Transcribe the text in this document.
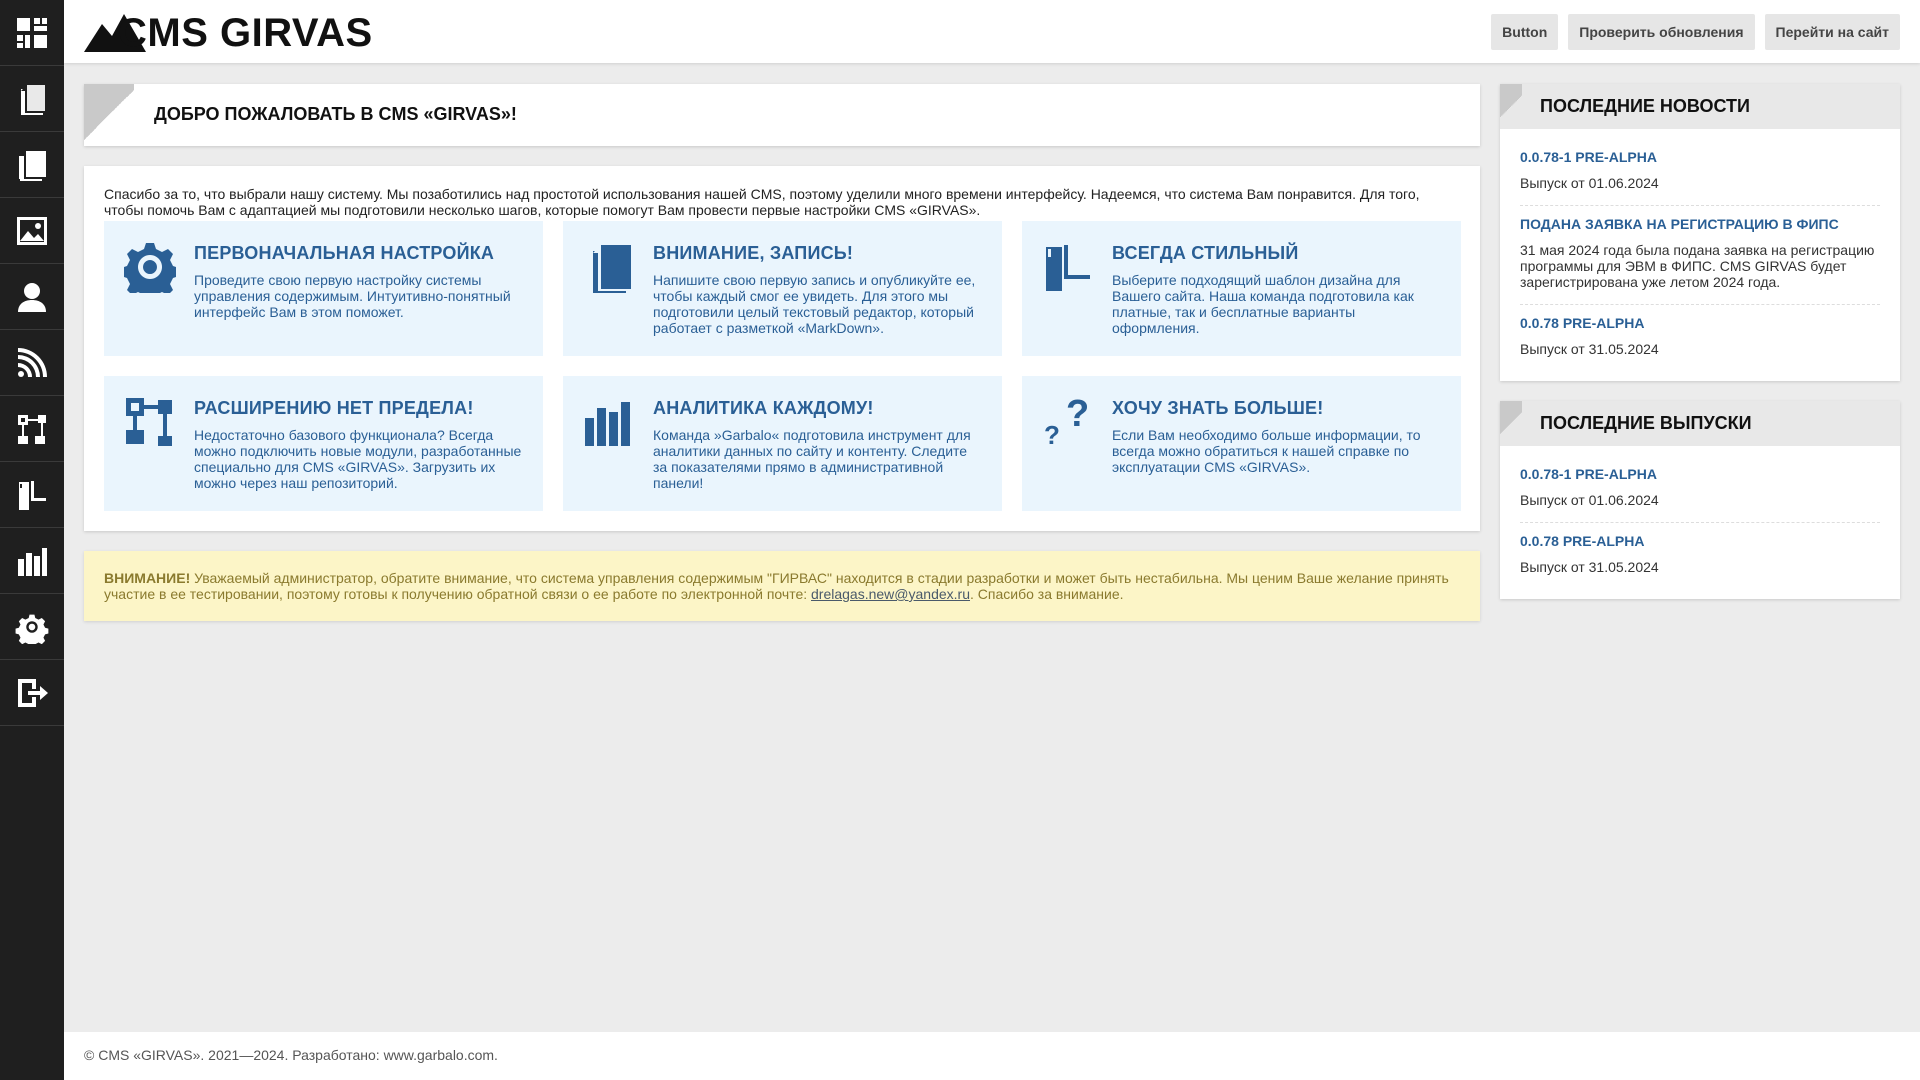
CMS GIRVAS	Button	Проверить обновления	Перейти на сайт
ДОБРО ПОЖАЛОВАТЬ В CMS «GIRVAS»!

Спасибо за то, что выбрали нашу систему. Мы позаботились над простотой использования нашей CMS, поэтому уделили много времени интерфейсу. Надеемся, что система Вам понравится. Для того, чтобы помочь Вам с адаптацией мы подготовили несколько шагов, которые помогут Вам провести первые настройки CMS «GIRVAS».

ПЕРВОНАЧАЛЬНАЯ НАСТРОЙКА
Проведите свою первую настройку системы управления содержимым. Интуитивно-понятный интерфейс Вам в этом поможет.
ВНИМАНИЕ, ЗАПИСЬ!
Напишите свою первую запись и опубликуйте ее, чтобы каждый смог ее увидеть. Для этого мы подготовили целый текстовый редактор, который работает с разметкой «MarkDown».
ВСЕГДА СТИЛЬНЫЙ
Выберите подходящий шаблон дизайна для Вашего сайта. Наша команда подготовила как платные, так и бесплатные варианты оформления.
РАСШИРЕНИЮ НЕТ ПРЕДЕЛА!
Недостаточно базового функционала? Всегда можно подключить новые модули, разработанные специально для CMS «GIRVAS». Загрузить их можно через наш репозиторий.
АНАЛИТИКА КАЖДОМУ!
Команда »Garbalo« подготовила инструмент для аналитики данных по сайту и контенту. Следите за показателями прямо в административной панели!
?
?
ХОЧУ ЗНАТЬ БОЛЬШЕ!
Если Вам необходимо больше информации, то всегда можно обратиться к нашей справке по эксплуатации CMS «GIRVAS».
ВНИМАНИЕ! Уважаемый администратор, обратите внимание, что система управления содержимым "ГИРВАС" находится в стадии разработки и может быть нестабильна. Мы ценим Ваше желание принять участие в ее тестировании, поэтому готовы к получению обратной связи о ее работе по электронной почте: drelagas.new@yandex.ru. Спасибо за внимание.
ПОСЛЕДНИЕ НОВОСТИ
0.0.78-1 PRE-ALPHA
Выпуск от 01.06.2024
ПОДАНА ЗАЯВКА НА РЕГИСТРАЦИЮ В ФИПС
31 мая 2024 года была подана заявка на регистрацию программы для ЭВМ в ФИПС. CMS GIRVAS будет зарегистрирована уже летом 2024 года.
0.0.78 PRE-ALPHA
Выпуск от 31.05.2024
ПОСЛЕДНИЕ ВЫПУСКИ
0.0.78-1 PRE-ALPHA
Выпуск от 01.06.2024
0.0.78 PRE-ALPHA
Выпуск от 31.05.2024
© CMS «GIRVAS». 2021—2024. Разработано: www.garbalo.com.
